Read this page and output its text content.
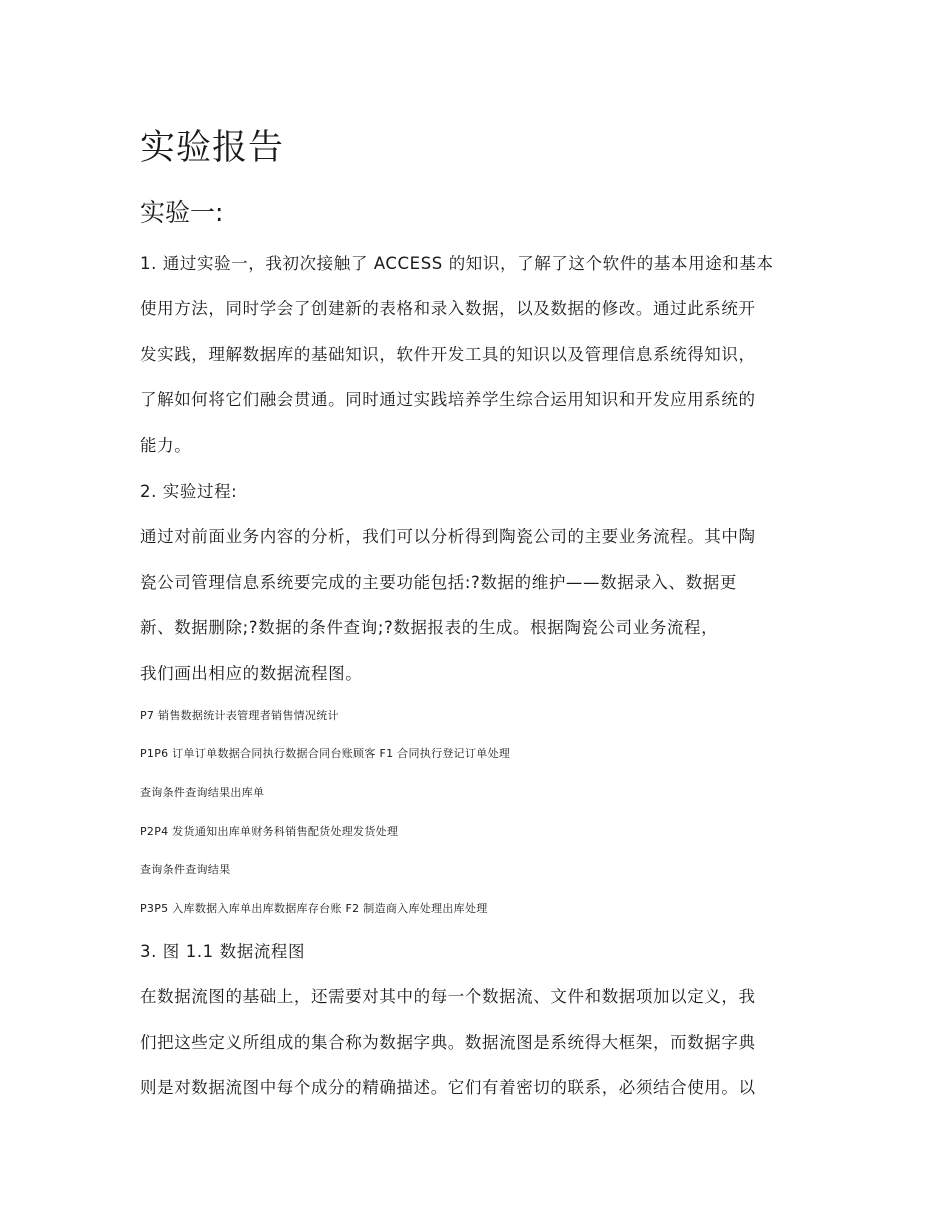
实验报告
实验一:
1. 通过实验一，我初次接触了 ACCESS 的知识，了解了这个软件的基本用途和基本
使用方法，同时学会了创建新的表格和录入数据，以及数据的修改。通过此系统开
发实践，理解数据库的基础知识，软件开发工具的知识以及管理信息系统得知识，
了解如何将它们融会贯通。同时通过实践培养学生综合运用知识和开发应用系统的
能力。
2. 实验过程:
通过对前面业务内容的分析，我们可以分析得到陶瓷公司的主要业务流程。其中陶
瓷公司管理信息系统要完成的主要功能包括:?数据的维护——数据录入、数据更
新、数据删除;?数据的条件查询;?数据报表的生成。根据陶瓷公司业务流程，
我们画出相应的数据流程图。
P7 销售数据统计表管理者销售情况统计
P1P6 订单订单数据合同执行数据合同台账顾客 F1 合同执行登记订单处理
查询条件查询结果出库单
P2P4 发货通知出库单财务科销售配货处理发货处理
查询条件查询结果
P3P5 入库数据入库单出库数据库存台账 F2 制造商入库处理出库处理
3. 图 1.1 数据流程图
在数据流图的基础上，还需要对其中的每一个数据流、文件和数据项加以定义，我
们把这些定义所组成的集合称为数据字典。数据流图是系统得大框架，而数据字典
则是对数据流图中每个成分的精确描述。它们有着密切的联系，必须结合使用。以
